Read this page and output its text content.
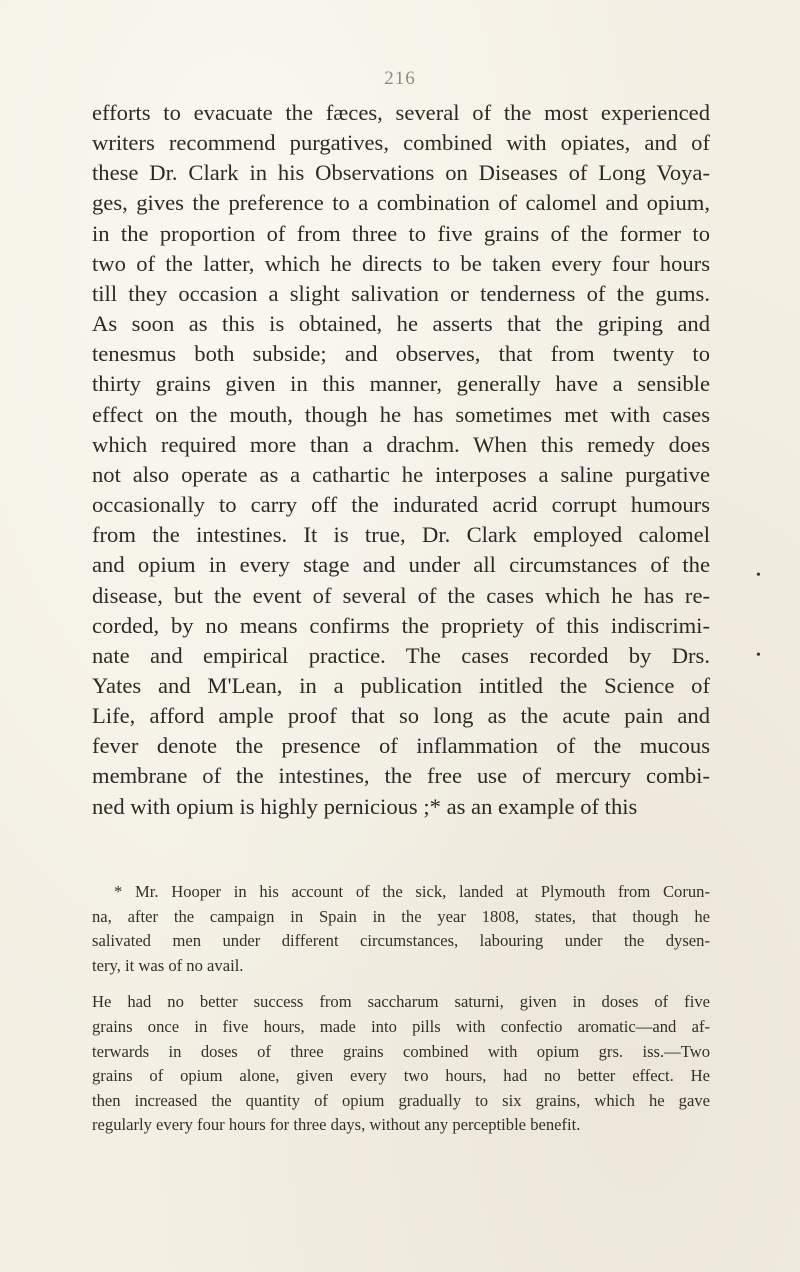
216
efforts to evacuate the fæces, several of the most experienced
writers recommend purgatives, combined with opiates, and of
these Dr. Clark in his Observations on Diseases of Long Voya-
ges, gives the preference to a combination of calomel and opium,
in the proportion of from three to five grains of the former to
two of the latter, which he directs to be taken every four hours
till they occasion a slight salivation or tenderness of the gums.
As soon as this is obtained, he asserts that the griping and
tenesmus both subside; and observes, that from twenty to
thirty grains given in this manner, generally have a sensible
effect on the mouth, though he has sometimes met with cases
which required more than a drachm. When this remedy does
not also operate as a cathartic he interposes a saline purgative
occasionally to carry off the indurated acrid corrupt humours
from the intestines. It is true, Dr. Clark employed calomel
and opium in every stage and under all circumstances of the
disease, but the event of several of the cases which he has re-
corded, by no means confirms the propriety of this indiscrimi-
nate and empirical practice. The cases recorded by Drs.
Yates and M'Lean, in a publication intitled the Science of
Life, afford ample proof that so long as the acute pain and
fever denote the presence of inflammation of the mucous
membrane of the intestines, the free use of mercury combi-
ned with opium is highly pernicious ;* as an example of this
* Mr. Hooper in his account of the sick, landed at Plymouth from Corun-
na, after the campaign in Spain in the year 1808, states, that though he
salivated men under different circumstances, labouring under the dysen-
tery, it was of no avail.
He had no better success from saccharum saturni, given in doses of five
grains once in five hours, made into pills with confectio aromatic—and af-
terwards in doses of three grains combined with opium grs. iss.—Two
grains of opium alone, given every two hours, had no better effect. He
then increased the quantity of opium gradually to six grains, which he gave
regularly every four hours for three days, without any perceptible benefit.
•
•
